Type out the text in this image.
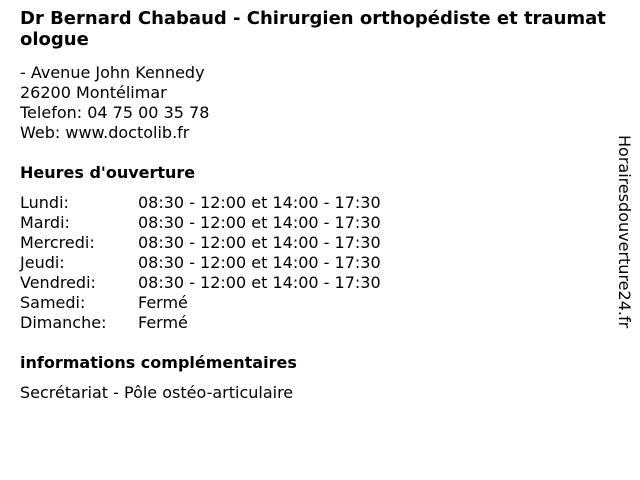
Dr Bernard Chabaud - Chirurgien orthopédiste et traumatologue
- Avenue John Kennedy
26200 Montélimar
Telefon: 04 75 00 35 78
Web: www.doctolib.fr
Heures d'ouverture
Lundi:	08:30 - 12:00 et 14:00 - 17:30
Mardi:	08:30 - 12:00 et 14:00 - 17:30
Mercredi:	08:30 - 12:00 et 14:00 - 17:30
Jeudi:	08:30 - 12:00 et 14:00 - 17:30
Vendredi:	08:30 - 12:00 et 14:00 - 17:30
Samedi:	Fermé
Dimanche:	Fermé
informations complémentaires
Secrétariat - Pôle ostéo-articulaire
Horairesdouverture24.fr
